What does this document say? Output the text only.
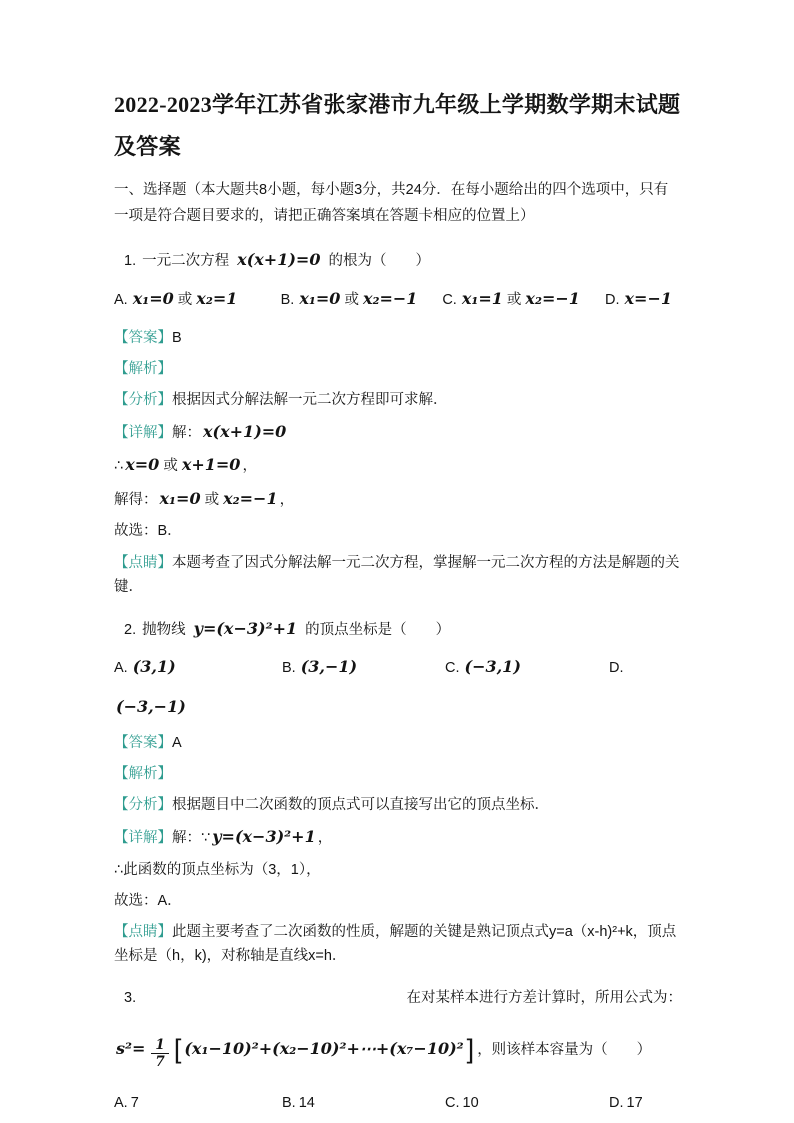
2022-2023学年江苏省张家港市九年级上学期数学期末试题
及答案

一、选择题（本大题共8小题，每小题3分，共24分．在每小题给出的四个选项中，只有一项是符合题目要求的，请把正确答案填在答题卡相应的位置上）

1. 一元二次方程 x(x+1)=0 的根为（　　）

A. x₁=0 或 x₂=1	B. x₁=0 或 x₂=−1	C. x₁=1 或 x₂=−1	D. x=−1

【答案】B

【解析】

【分析】根据因式分解法解一元二次方程即可求解．

【详解】解： x(x+1)=0

∴ x=0 或 x+1=0 ，

解得： x₁=0 或 x₂=−1 ，

故选：B．

【点睛】本题考查了因式分解法解一元二次方程，掌握解一元二次方程的方法是解题的关键．

2. 抛物线 y=(x−3)²+1 的顶点坐标是（　　）

A. (3,1)	B. (3,−1)	C. (−3,1)	D.

(−3,−1)

【答案】A

【解析】

【分析】根据题目中二次函数的顶点式可以直接写出它的顶点坐标．

【详解】解：∵ y=(x−3)²+1 ，

∴此函数的顶点坐标为（3，1），

故选：A．

【点睛】此题主要考查了二次函数的性质，解题的关键是熟记顶点式y=a（x-h)²+k，顶点坐标是（h，k)，对称轴是直线x=h．

3.	在对某样本进行方差计算时，所用公式为：

$s^2= \frac{1}{7}$ [ (x₁−10)²+(x₂−10)²+⋯+(x₇−10)² ] ，则该样本容量为（　　）

A. 7	B. 14	C. 10	D. 17
